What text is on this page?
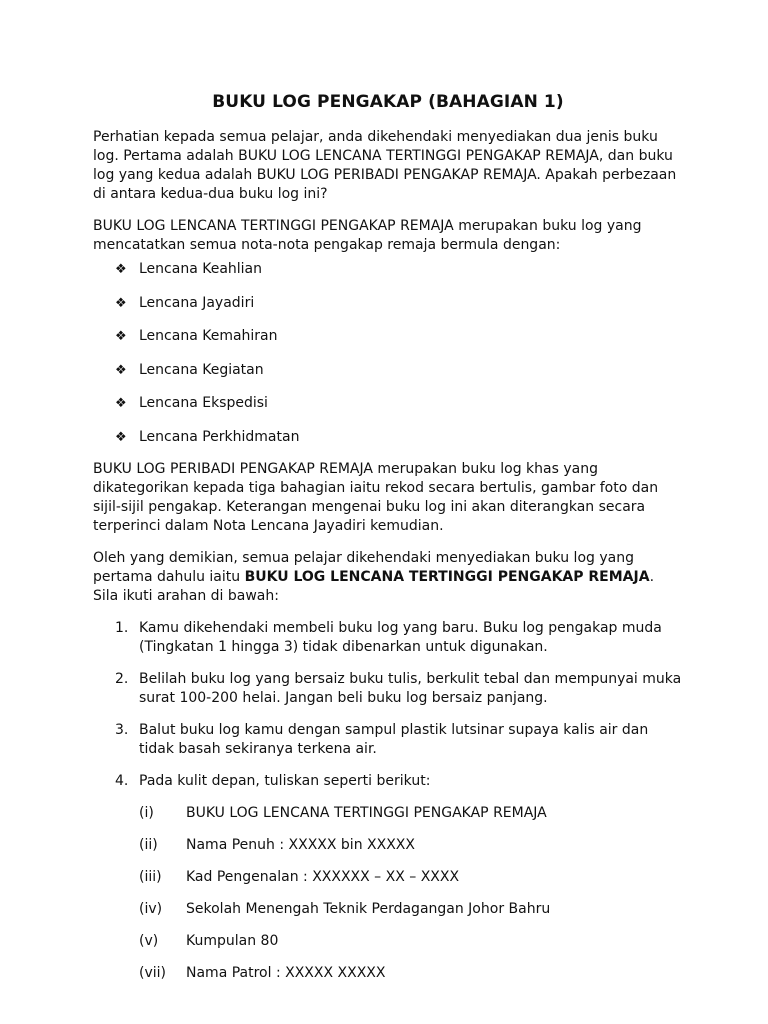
BUKU LOG PENGAKAP (BAHAGIAN 1)

Perhatian kepada semua pelajar, anda dikehendaki menyediakan dua jenis buku log. Pertama adalah BUKU LOG LENCANA TERTINGGI PENGAKAP REMAJA, dan buku log yang kedua adalah BUKU LOG PERIBADI PENGAKAP REMAJA. Apakah perbezaan di antara kedua-dua buku log ini?

BUKU LOG LENCANA TERTINGGI PENGAKAP REMAJA merupakan buku log yang mencatatkan semua nota-nota pengakap remaja bermula dengan:

❖ Lencana Keahlian
❖ Lencana Jayadiri
❖ Lencana Kemahiran
❖ Lencana Kegiatan
❖ Lencana Ekspedisi
❖ Lencana Perkhidmatan

BUKU LOG PERIBADI PENGAKAP REMAJA merupakan buku log khas yang dikategorikan kepada tiga bahagian iaitu rekod secara bertulis, gambar foto dan sijil-sijil pengakap. Keterangan mengenai buku log ini akan diterangkan secara terperinci dalam Nota Lencana Jayadiri kemudian.

Oleh yang demikian, semua pelajar dikehendaki menyediakan buku log yang pertama dahulu iaitu BUKU LOG LENCANA TERTINGGI PENGAKAP REMAJA. Sila ikuti arahan di bawah:

1. Kamu dikehendaki membeli buku log yang baru. Buku log pengakap muda (Tingkatan 1 hingga 3) tidak dibenarkan untuk digunakan.
2. Belilah buku log yang bersaiz buku tulis, berkulit tebal dan mempunyai muka surat 100-200 helai. Jangan beli buku log bersaiz panjang.
3. Balut buku log kamu dengan sampul plastik lutsinar supaya kalis air dan tidak basah sekiranya terkena air.
4. Pada kulit depan, tuliskan seperti berikut:
(i) BUKU LOG LENCANA TERTINGGI PENGAKAP REMAJA
(ii) Nama Penuh : XXXXX bin XXXXX
(iii) Kad Pengenalan : XXXXXX – XX – XXXX
(iv) Sekolah Menengah Teknik Perdagangan Johor Bahru
(v) Kumpulan 80
(vii) Nama Patrol : XXXXX XXXXX
